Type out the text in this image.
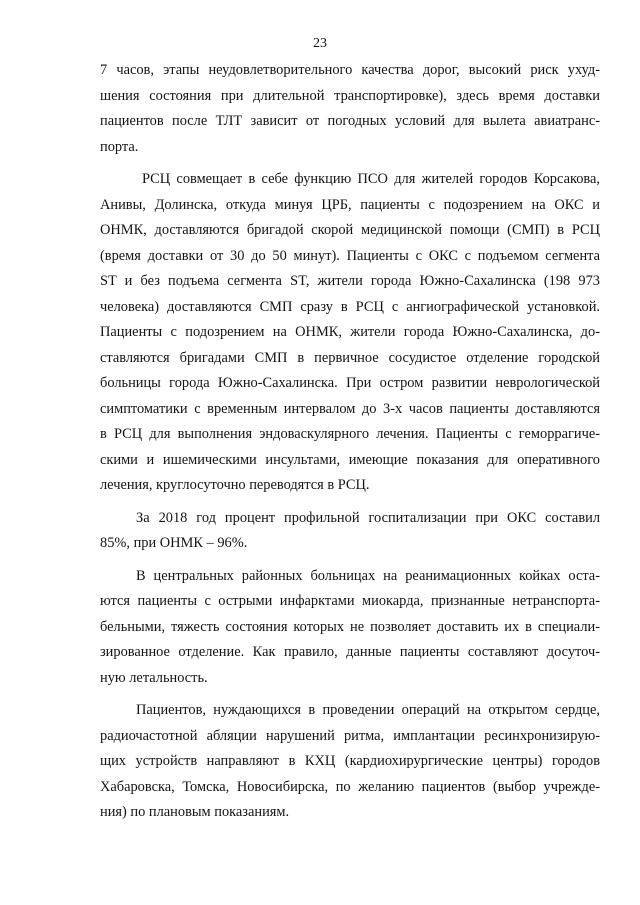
23
7 часов, этапы неудовлетворительного качества дорог, высокий риск ухуд-
шения состояния при длительной транспортировке), здесь время доставки
пациентов после ТЛТ зависит от погодных условий для вылета авиатранс-
порта.
РСЦ совмещает в себе функцию ПСО для жителей городов Корсакова,
Анивы, Долинска, откуда минуя ЦРБ, пациенты с подозрением на ОКС и
ОНМК, доставляются бригадой скорой медицинской помощи (СМП) в РСЦ
(время доставки от 30 до 50 минут). Пациенты с ОКС с подъемом сегмента
ST и без подъема сегмента ST, жители города Южно-Сахалинска (198 973
человека) доставляются СМП сразу в РСЦ с ангиографической установкой.
Пациенты с подозрением на ОНМК, жители города Южно-Сахалинска, до-
ставляются бригадами СМП в первичное сосудистое отделение городской
больницы города Южно-Сахалинска. При остром развитии неврологической
симптоматики с временным интервалом до 3-х часов пациенты доставляются
в РСЦ для выполнения эндоваскулярного лечения. Пациенты с геморрагиче-
скими и ишемическими инсультами, имеющие показания для оперативного
лечения, круглосуточно переводятся в РСЦ.
За 2018 год процент профильной госпитализации при ОКС составил
85%, при ОНМК – 96%.
В центральных районных больницах на реанимационных койках оста-
ются пациенты с острыми инфарктами миокарда, признанные нетранспорта-
бельными, тяжесть состояния которых не позволяет доставить их в специали-
зированное отделение. Как правило, данные пациенты составляют досуточ-
ную летальность.
Пациентов, нуждающихся в проведении операций на открытом сердце,
радиочастотной абляции нарушений ритма, имплантации ресинхронизирую-
щих устройств направляют в КХЦ (кардиохирургические центры) городов
Хабаровска, Томска, Новосибирска, по желанию пациентов (выбор учрежде-
ния) по плановым показаниям.
